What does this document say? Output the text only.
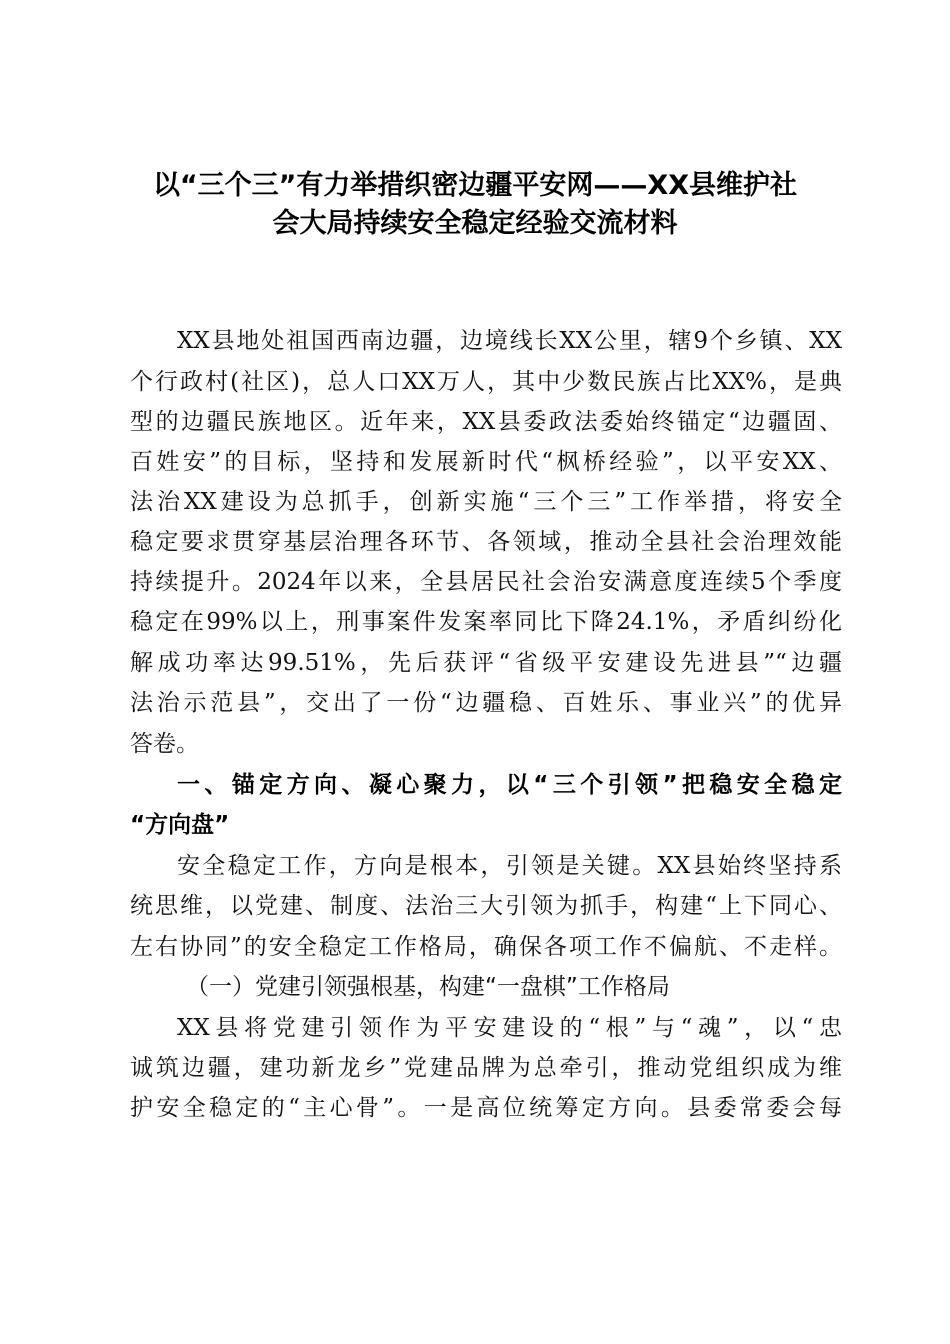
以“三个三”有力举措织密边疆平安网——XX县维护社
会大局持续安全稳定经验交流材料
XX县地处祖国西南边疆，边境线长XX公里，辖9个乡镇、XX
个行政村(社区)，总人口XX万人，其中少数民族占比XX%，是典
型的边疆民族地区。近年来，XX县委政法委始终锚定“边疆固、
百姓安”的目标，坚持和发展新时代“枫桥经验”，以平安XX、
法治XX建设为总抓手，创新实施“三个三”工作举措，将安全
稳定要求贯穿基层治理各环节、各领域，推动全县社会治理效能
持续提升。2024年以来，全县居民社会治安满意度连续5个季度
稳定在99%以上，刑事案件发案率同比下降24.1%，矛盾纠纷化
解成功率达99.51%，先后获评“省级平安建设先进县”“边疆
法治示范县”，交出了一份“边疆稳、百姓乐、事业兴”的优异
答卷。
一、锚定方向、凝心聚力，以“三个引领”把稳安全稳定
“方向盘”
安全稳定工作，方向是根本，引领是关键。XX县始终坚持系
统思维，以党建、制度、法治三大引领为抓手，构建“上下同心、
左右协同”的安全稳定工作格局，确保各项工作不偏航、不走样。
（一）党建引领强根基，构建“一盘棋”工作格局
XX县将党建引领作为平安建设的“根”与“魂”，以“忠
诚筑边疆，建功新龙乡”党建品牌为总牵引，推动党组织成为维
护安全稳定的“主心骨”。一是高位统筹定方向。县委常委会每
